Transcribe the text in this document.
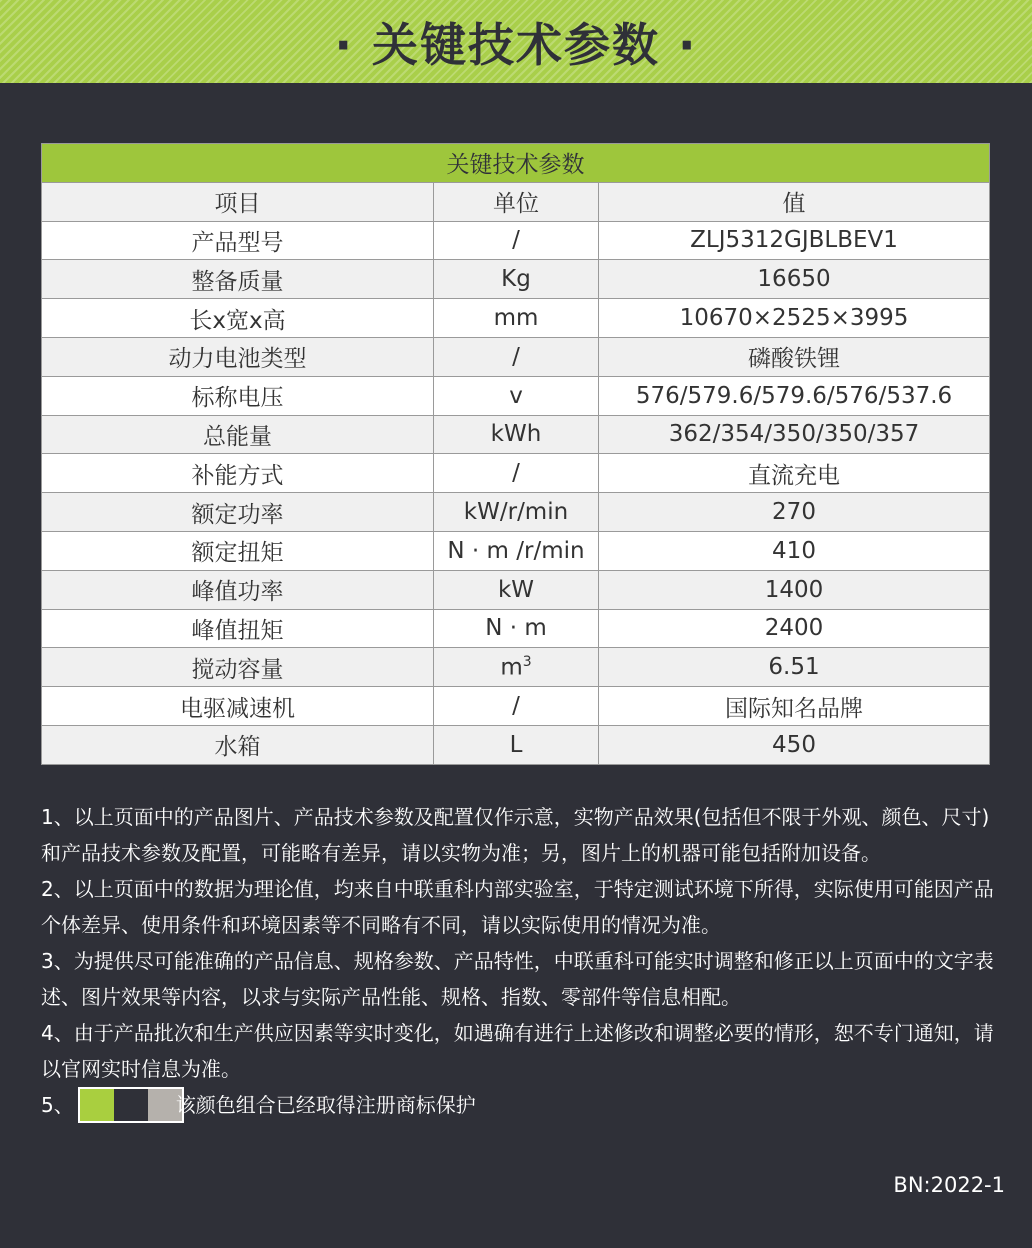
· 关键技术参数 ·
关键技术参数		
项目	单位	值
产品型号	/	ZLJ5312GJBLBEV1
整备质量	Kg	16650
长x宽x高	mm	10670×2525×3995
动力电池类型	/	磷酸铁锂
标称电压	v	576/579.6/579.6/576/537.6
总能量	kWh	362/354/350/350/357
补能方式	/	直流充电
额定功率	kW/r/min	270
额定扭矩	N · m /r/min	410
峰值功率	kW	1400
峰值扭矩	N · m	2400
搅动容量	$m^3$	6.51
电驱减速机	/	国际知名品牌
水箱	L	450

1、以上页面中的产品图片、产品技术参数及配置仅作示意，实物产品效果(包括但不限于外观、颜色、尺寸)和产品技术参数及配置，可能略有差异，请以实物为准；另，图片上的机器可能包括附加设备。

2、以上页面中的数据为理论值，均来自中联重科内部实验室，于特定测试环境下所得，实际使用可能因产品个体差异、使用条件和环境因素等不同略有不同，请以实际使用的情况为准。

3、为提供尽可能准确的产品信息、规格参数、产品特性，中联重科可能实时调整和修正以上页面中的文字表述、图片效果等内容，以求与实际产品性能、规格、指数、零部件等信息相配。

4、由于产品批次和生产供应因素等实时变化，如遇确有进行上述修改和调整必要的情形，恕不专门通知，请以官网实时信息为准。

5、	该颜色组合已经取得注册商标保护
BN:2022-1
